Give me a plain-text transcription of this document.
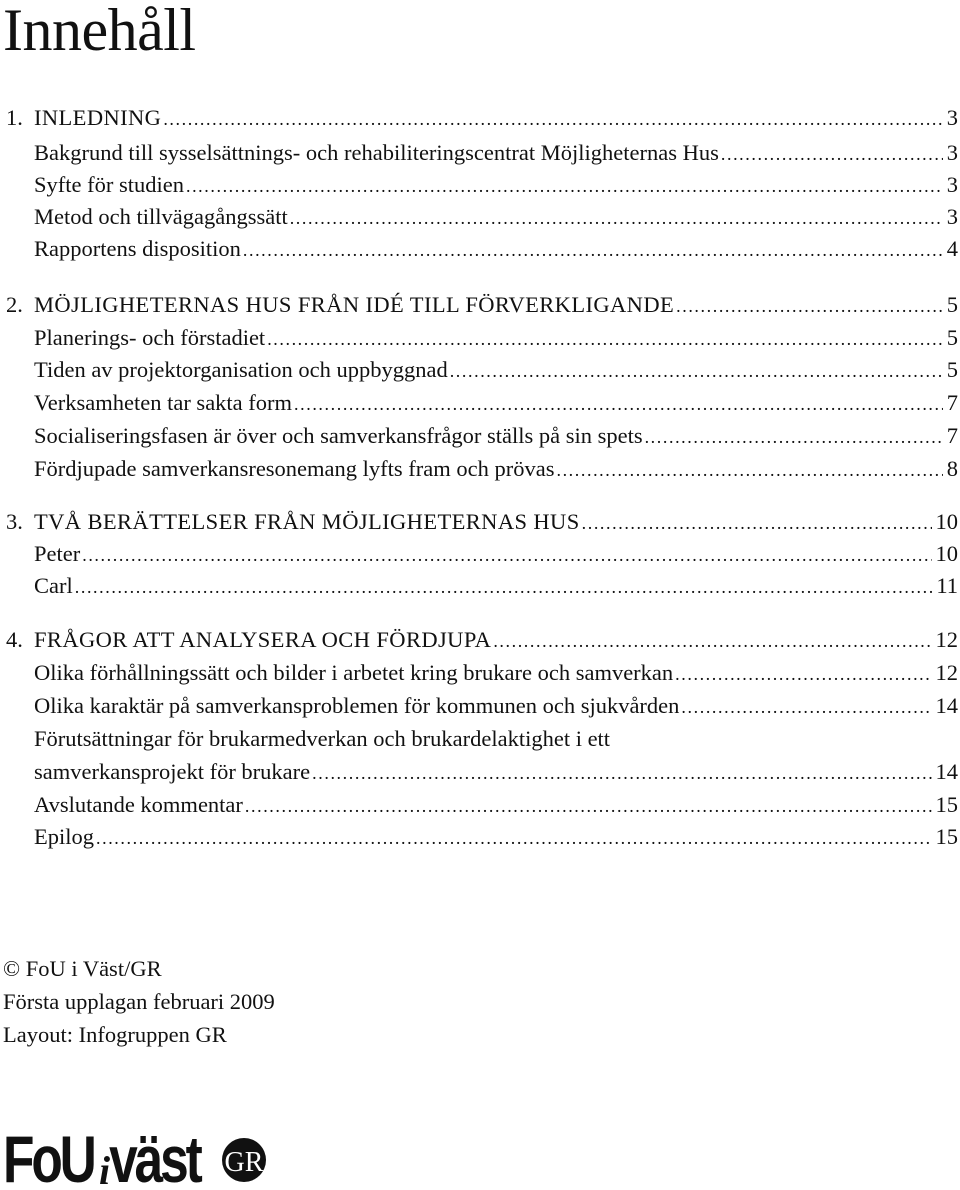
Innehåll
1. INLEDNING .....	3
Bakgrund till sysselsättnings- och rehabiliteringscentrat Möjligheternas Hus .....	3
Syfte för studien .....	3
Metod och tillvägagångssätt .....	3
Rapportens disposition .....	4
2. MÖJLIGHETERNAS HUS FRÅN IDÉ TILL FÖRVERKLIGANDE .....	5
Planerings- och förstadiet .....	5
Tiden av projektorganisation och uppbyggnad .....	5
Verksamheten tar sakta form .....	7
Socialiseringsfasen är över och samverkansfrågor ställs på sin spets .....	7
Fördjupade samverkansresonemang lyfts fram och prövas .....	8
3. TVÅ BERÄTTELSER FRÅN MÖJLIGHETERNAS HUS .....	10
Peter .....	10
Carl .....	11
4. FRÅGOR ATT ANALYSERA OCH FÖRDJUPA .....	12
Olika förhållningssätt och bilder i arbetet kring brukare och samverkan .....	12
Olika karaktär på samverkansproblemen för kommunen och sjukvården .....	14
Förutsättningar för brukarmedverkan och brukardelaktighet i ett
samverkansprojekt för brukare .....	14
Avslutande kommentar .....	15
Epilog .....	15
© FoU i Väst/GR
Första upplagan februari 2009
Layout: Infogruppen GR
FoU i
väst GR
